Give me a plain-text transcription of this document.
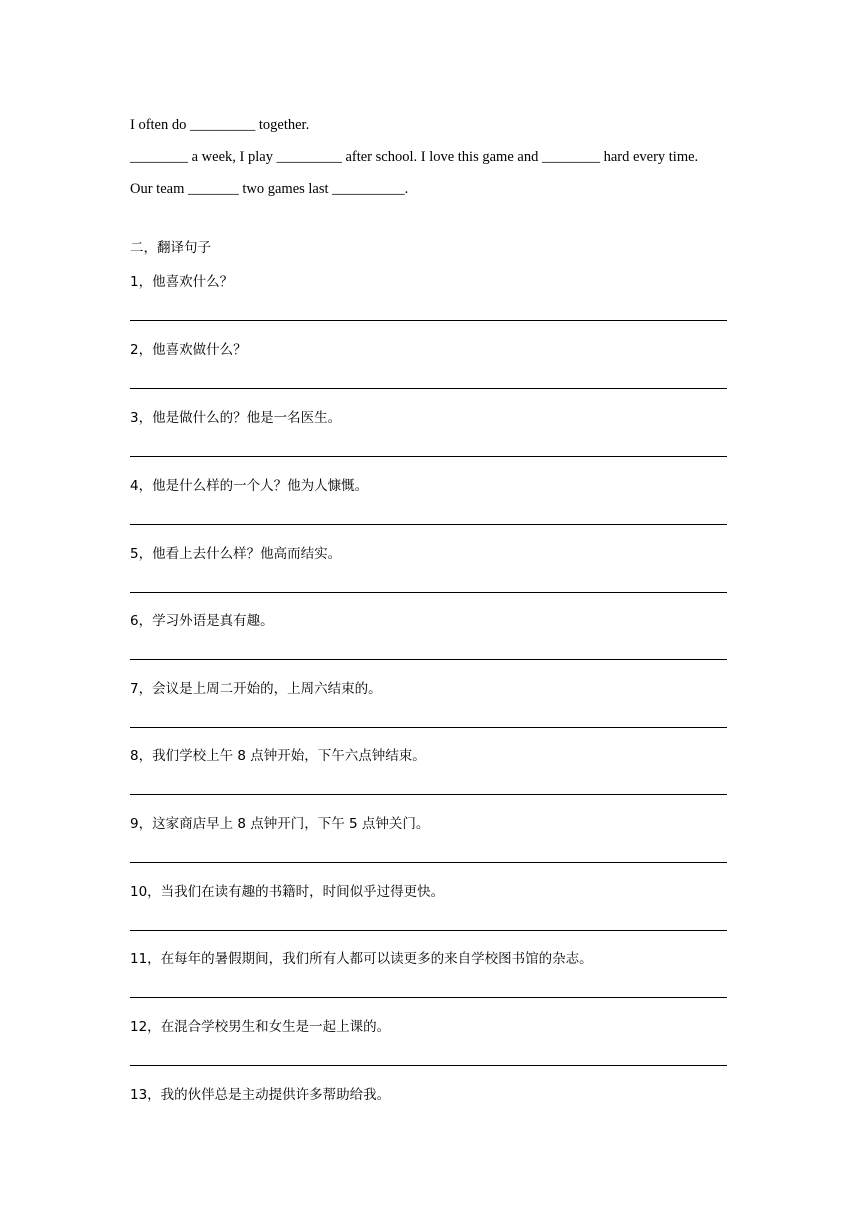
I often do _________ together.
________ a week, I play _________ after school. I love this game and ________ hard every time.
Our team _______ two games last __________.
二，翻译句子
1，他喜欢什么？
2，他喜欢做什么？
3，他是做什么的？他是一名医生。
4，他是什么样的一个人？他为人慷慨。
5，他看上去什么样？他高而结实。
6，学习外语是真有趣。
7，会议是上周二开始的，上周六结束的。
8，我们学校上午 8 点钟开始，下午六点钟结束。
9，这家商店早上 8 点钟开门，下午 5 点钟关门。
10，当我们在读有趣的书籍时，时间似乎过得更快。
11，在每年的暑假期间，我们所有人都可以读更多的来自学校图书馆的杂志。
12，在混合学校男生和女生是一起上课的。
13，我的伙伴总是主动提供许多帮助给我。
